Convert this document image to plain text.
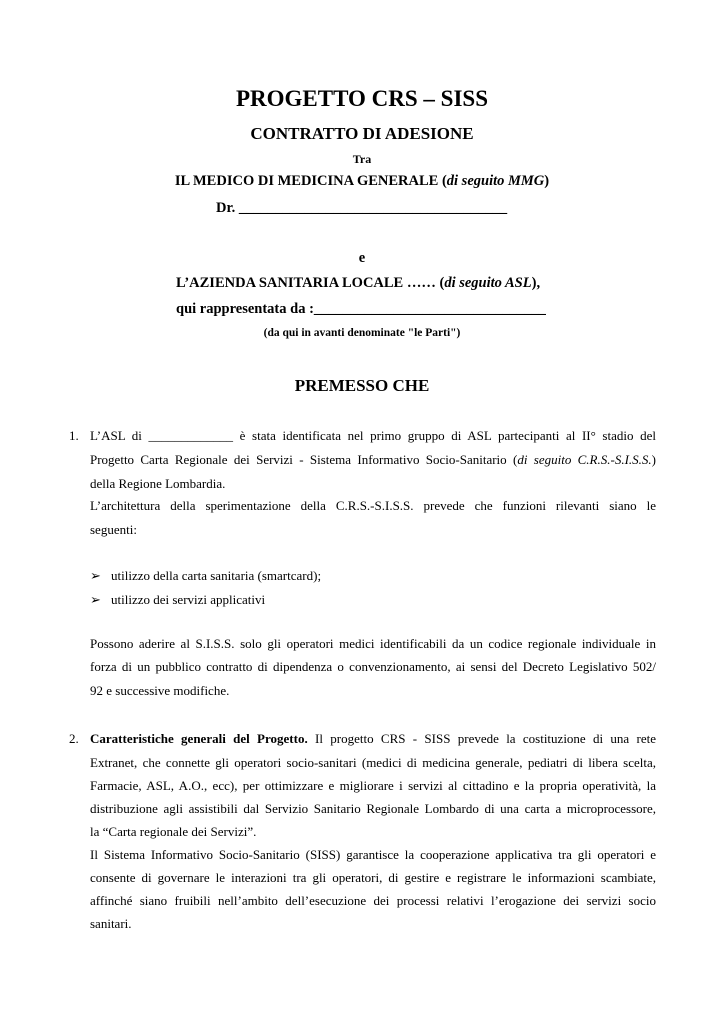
PROGETTO CRS – SISS
CONTRATTO DI ADESIONE
Tra
IL MEDICO DI MEDICINA GENERALE (di seguito MMG)
Dr. _____________________________________
e
L’AZIENDA SANITARIA LOCALE …… (di seguito ASL),
qui rappresentata da :________________________________
(da qui in avanti denominate "le Parti")
PREMESSO CHE
1. L’ASL di _____________ è stata identificata nel primo gruppo di ASL partecipanti al II° stadio del
Progetto Carta Regionale dei Servizi - Sistema Informativo Socio-Sanitario (di seguito C.R.S.-S.I.S.S.)
della Regione Lombardia.
L’architettura della sperimentazione della C.R.S.-S.I.S.S. prevede che funzioni rilevanti siano le
seguenti:
➢ utilizzo della carta sanitaria (smartcard);
➢ utilizzo dei servizi applicativi
Possono aderire al S.I.S.S. solo gli operatori medici identificabili da un codice regionale individuale in
forza di un pubblico contratto di dipendenza o convenzionamento, ai sensi del Decreto Legislativo 502/
92 e successive modifiche.
2. Caratteristiche generali del Progetto. Il progetto CRS - SISS prevede la costituzione di una rete
Extranet, che connette gli operatori socio-sanitari (medici di medicina generale, pediatri di libera scelta,
Farmacie, ASL, A.O., ecc), per ottimizzare e migliorare i servizi al cittadino e la propria operatività, la
distribuzione agli assistibili dal Servizio Sanitario Regionale Lombardo di una carta a microprocessore,
la “Carta regionale dei Servizi”.
Il Sistema Informativo Socio-Sanitario (SISS) garantisce la cooperazione applicativa tra gli operatori e
consente di governare le interazioni tra gli operatori, di gestire e registrare le informazioni scambiate,
affinché siano fruibili nell’ambito dell’esecuzione dei processi relativi l’erogazione dei servizi socio
sanitari.
